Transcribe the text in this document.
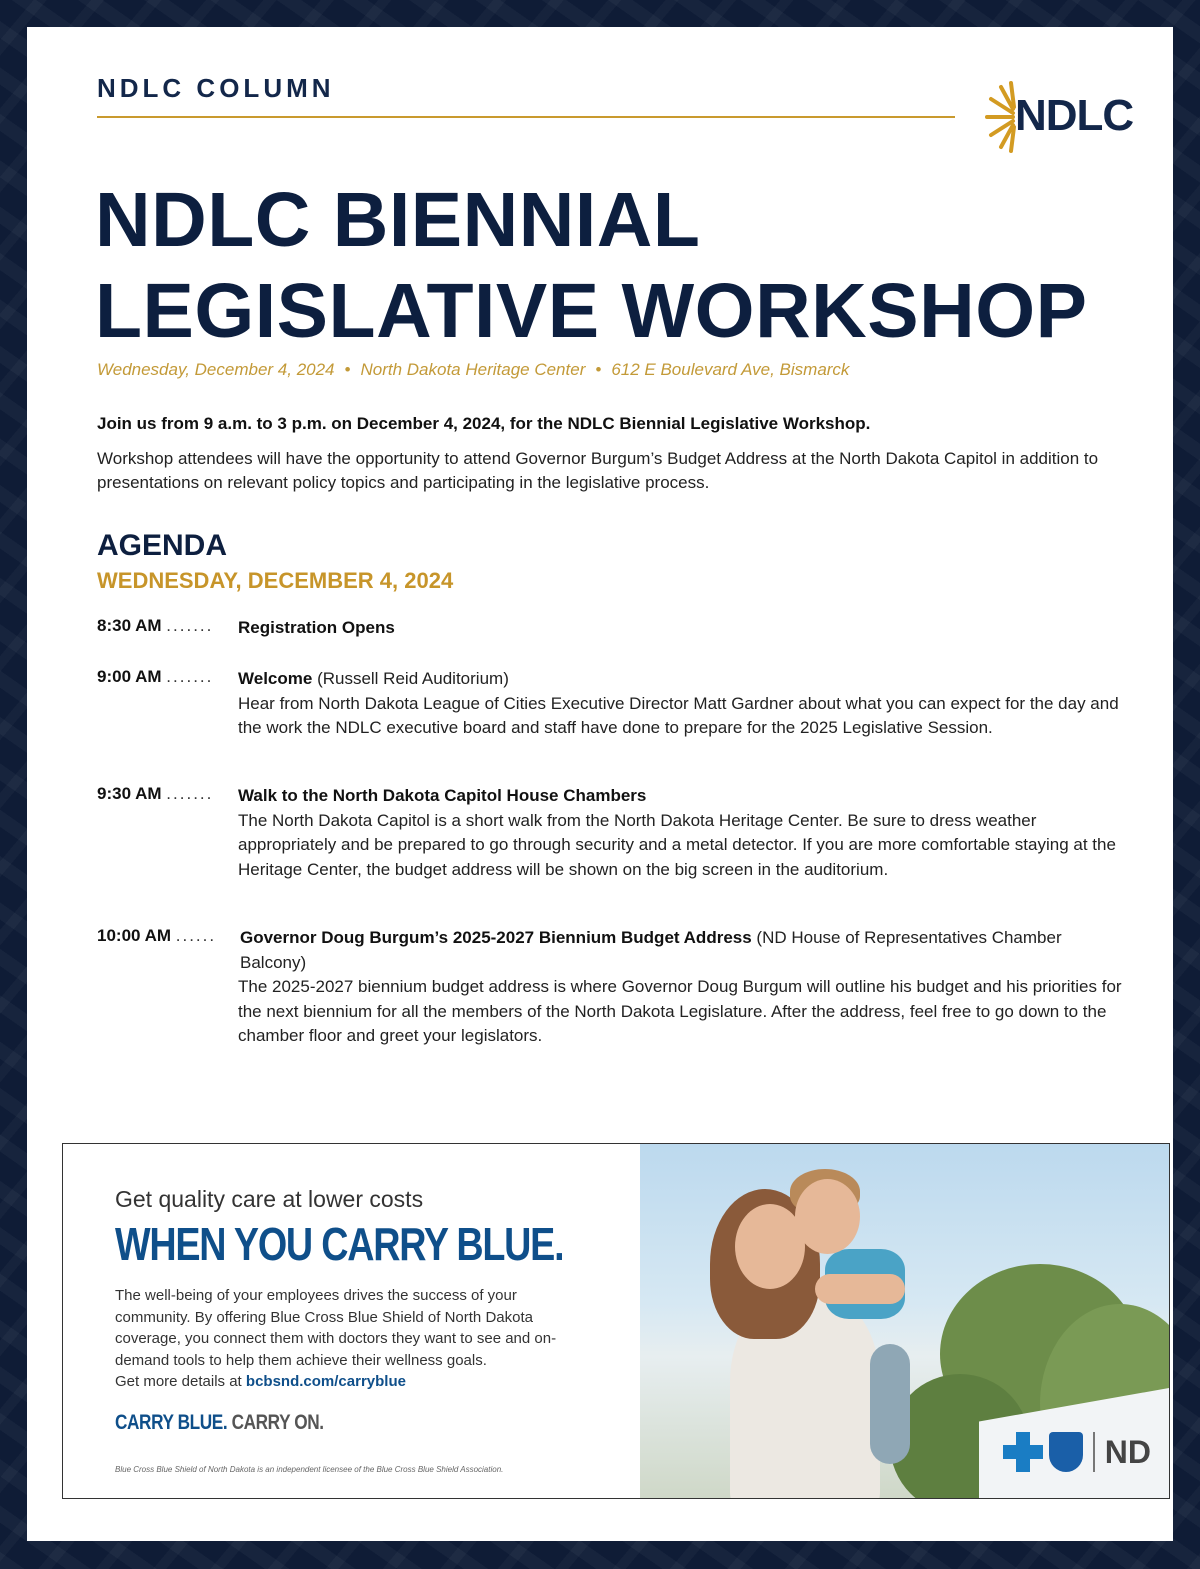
NDLC COLUMN
NDLC
NDLC BIENNIAL
LEGISLATIVE WORKSHOP
Wednesday, December 4, 2024 • North Dakota Heritage Center • 612 E Boulevard Ave, Bismarck
Join us from 9 a.m. to 3 p.m. on December 4, 2024, for the NDLC Biennial Legislative Workshop.
Workshop attendees will have the opportunity to attend Governor Burgum’s Budget Address at the North Dakota Capitol in addition to presentations on relevant policy topics and participating in the legislative process.
AGENDA
WEDNESDAY, DECEMBER 4, 2024
8:30 AM ....... Registration Opens
9:00 AM ....... Welcome (Russell Reid Auditorium)
Hear from North Dakota League of Cities Executive Director Matt Gardner about what you can expect for the day and the work the NDLC executive board and staff have done to prepare for the 2025 Legislative Session.
9:30 AM ....... Walk to the North Dakota Capitol House Chambers
The North Dakota Capitol is a short walk from the North Dakota Heritage Center. Be sure to dress weather appropriately and be prepared to go through security and a metal detector. If you are more comfortable staying at the Heritage Center, the budget address will be shown on the big screen in the auditorium.
10:00 AM ...... Governor Doug Burgum’s 2025-2027 Biennium Budget Address (ND House of Representatives Chamber Balcony)
The 2025-2027 biennium budget address is where Governor Doug Burgum will outline his budget and his priorities for the next biennium for all the members of the North Dakota Legislature. After the address, feel free to go down to the chamber floor and greet your legislators.
Get quality care at lower costs
WHEN YOU CARRY BLUE.
The well-being of your employees drives the success of your community. By offering Blue Cross Blue Shield of North Dakota coverage, you connect them with doctors they want to see and on-demand tools to help them achieve their wellness goals.
Get more details at bcbsnd.com/carryblue
CARRY BLUE. CARRY ON.
Blue Cross Blue Shield of North Dakota is an independent licensee of the Blue Cross Blue Shield Association.	ND
